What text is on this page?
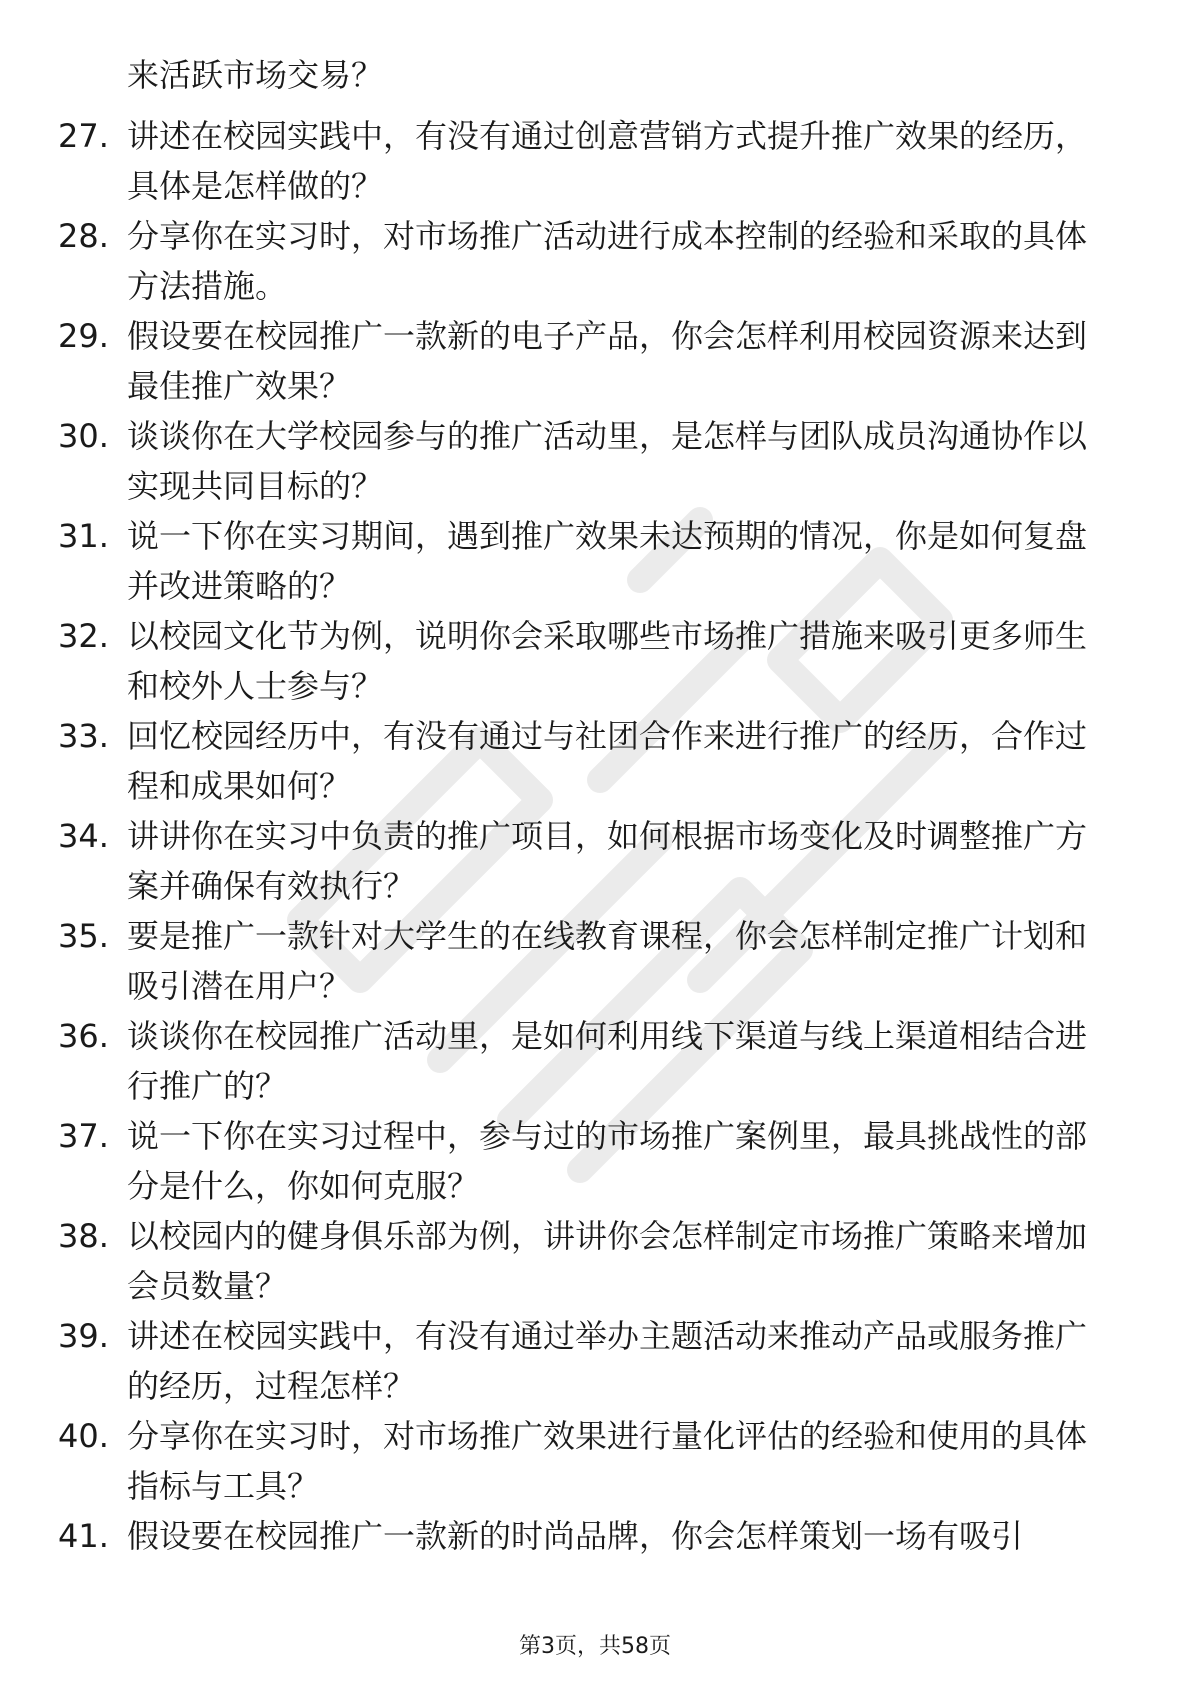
来活跃市场交易？

27. 讲述在校园实践中，有没有通过创意营销方式提升推广效果的经历，具体是怎样做的？
28. 分享你在实习时，对市场推广活动进行成本控制的经验和采取的具体方法措施。
29. 假设要在校园推广一款新的电子产品，你会怎样利用校园资源来达到最佳推广效果？
30. 谈谈你在大学校园参与的推广活动里，是怎样与团队成员沟通协作以实现共同目标的？
31. 说一下你在实习期间，遇到推广效果未达预期的情况，你是如何复盘并改进策略的？
32. 以校园文化节为例，说明你会采取哪些市场推广措施来吸引更多师生和校外人士参与？
33. 回忆校园经历中，有没有通过与社团合作来进行推广的经历，合作过程和成果如何？
34. 讲讲你在实习中负责的推广项目，如何根据市场变化及时调整推广方案并确保有效执行？
35. 要是推广一款针对大学生的在线教育课程，你会怎样制定推广计划和吸引潜在用户？
36. 谈谈你在校园推广活动里，是如何利用线下渠道与线上渠道相结合进行推广的？
37. 说一下你在实习过程中，参与过的市场推广案例里，最具挑战性的部分是什么，你如何克服？
38. 以校园内的健身俱乐部为例，讲讲你会怎样制定市场推广策略来增加会员数量？
39. 讲述在校园实践中，有没有通过举办主题活动来推动产品或服务推广的经历，过程怎样？
40. 分享你在实习时，对市场推广效果进行量化评估的经验和使用的具体指标与工具？
41. 假设要在校园推广一款新的时尚品牌，你会怎样策划一场有吸引
第3页，共58页
